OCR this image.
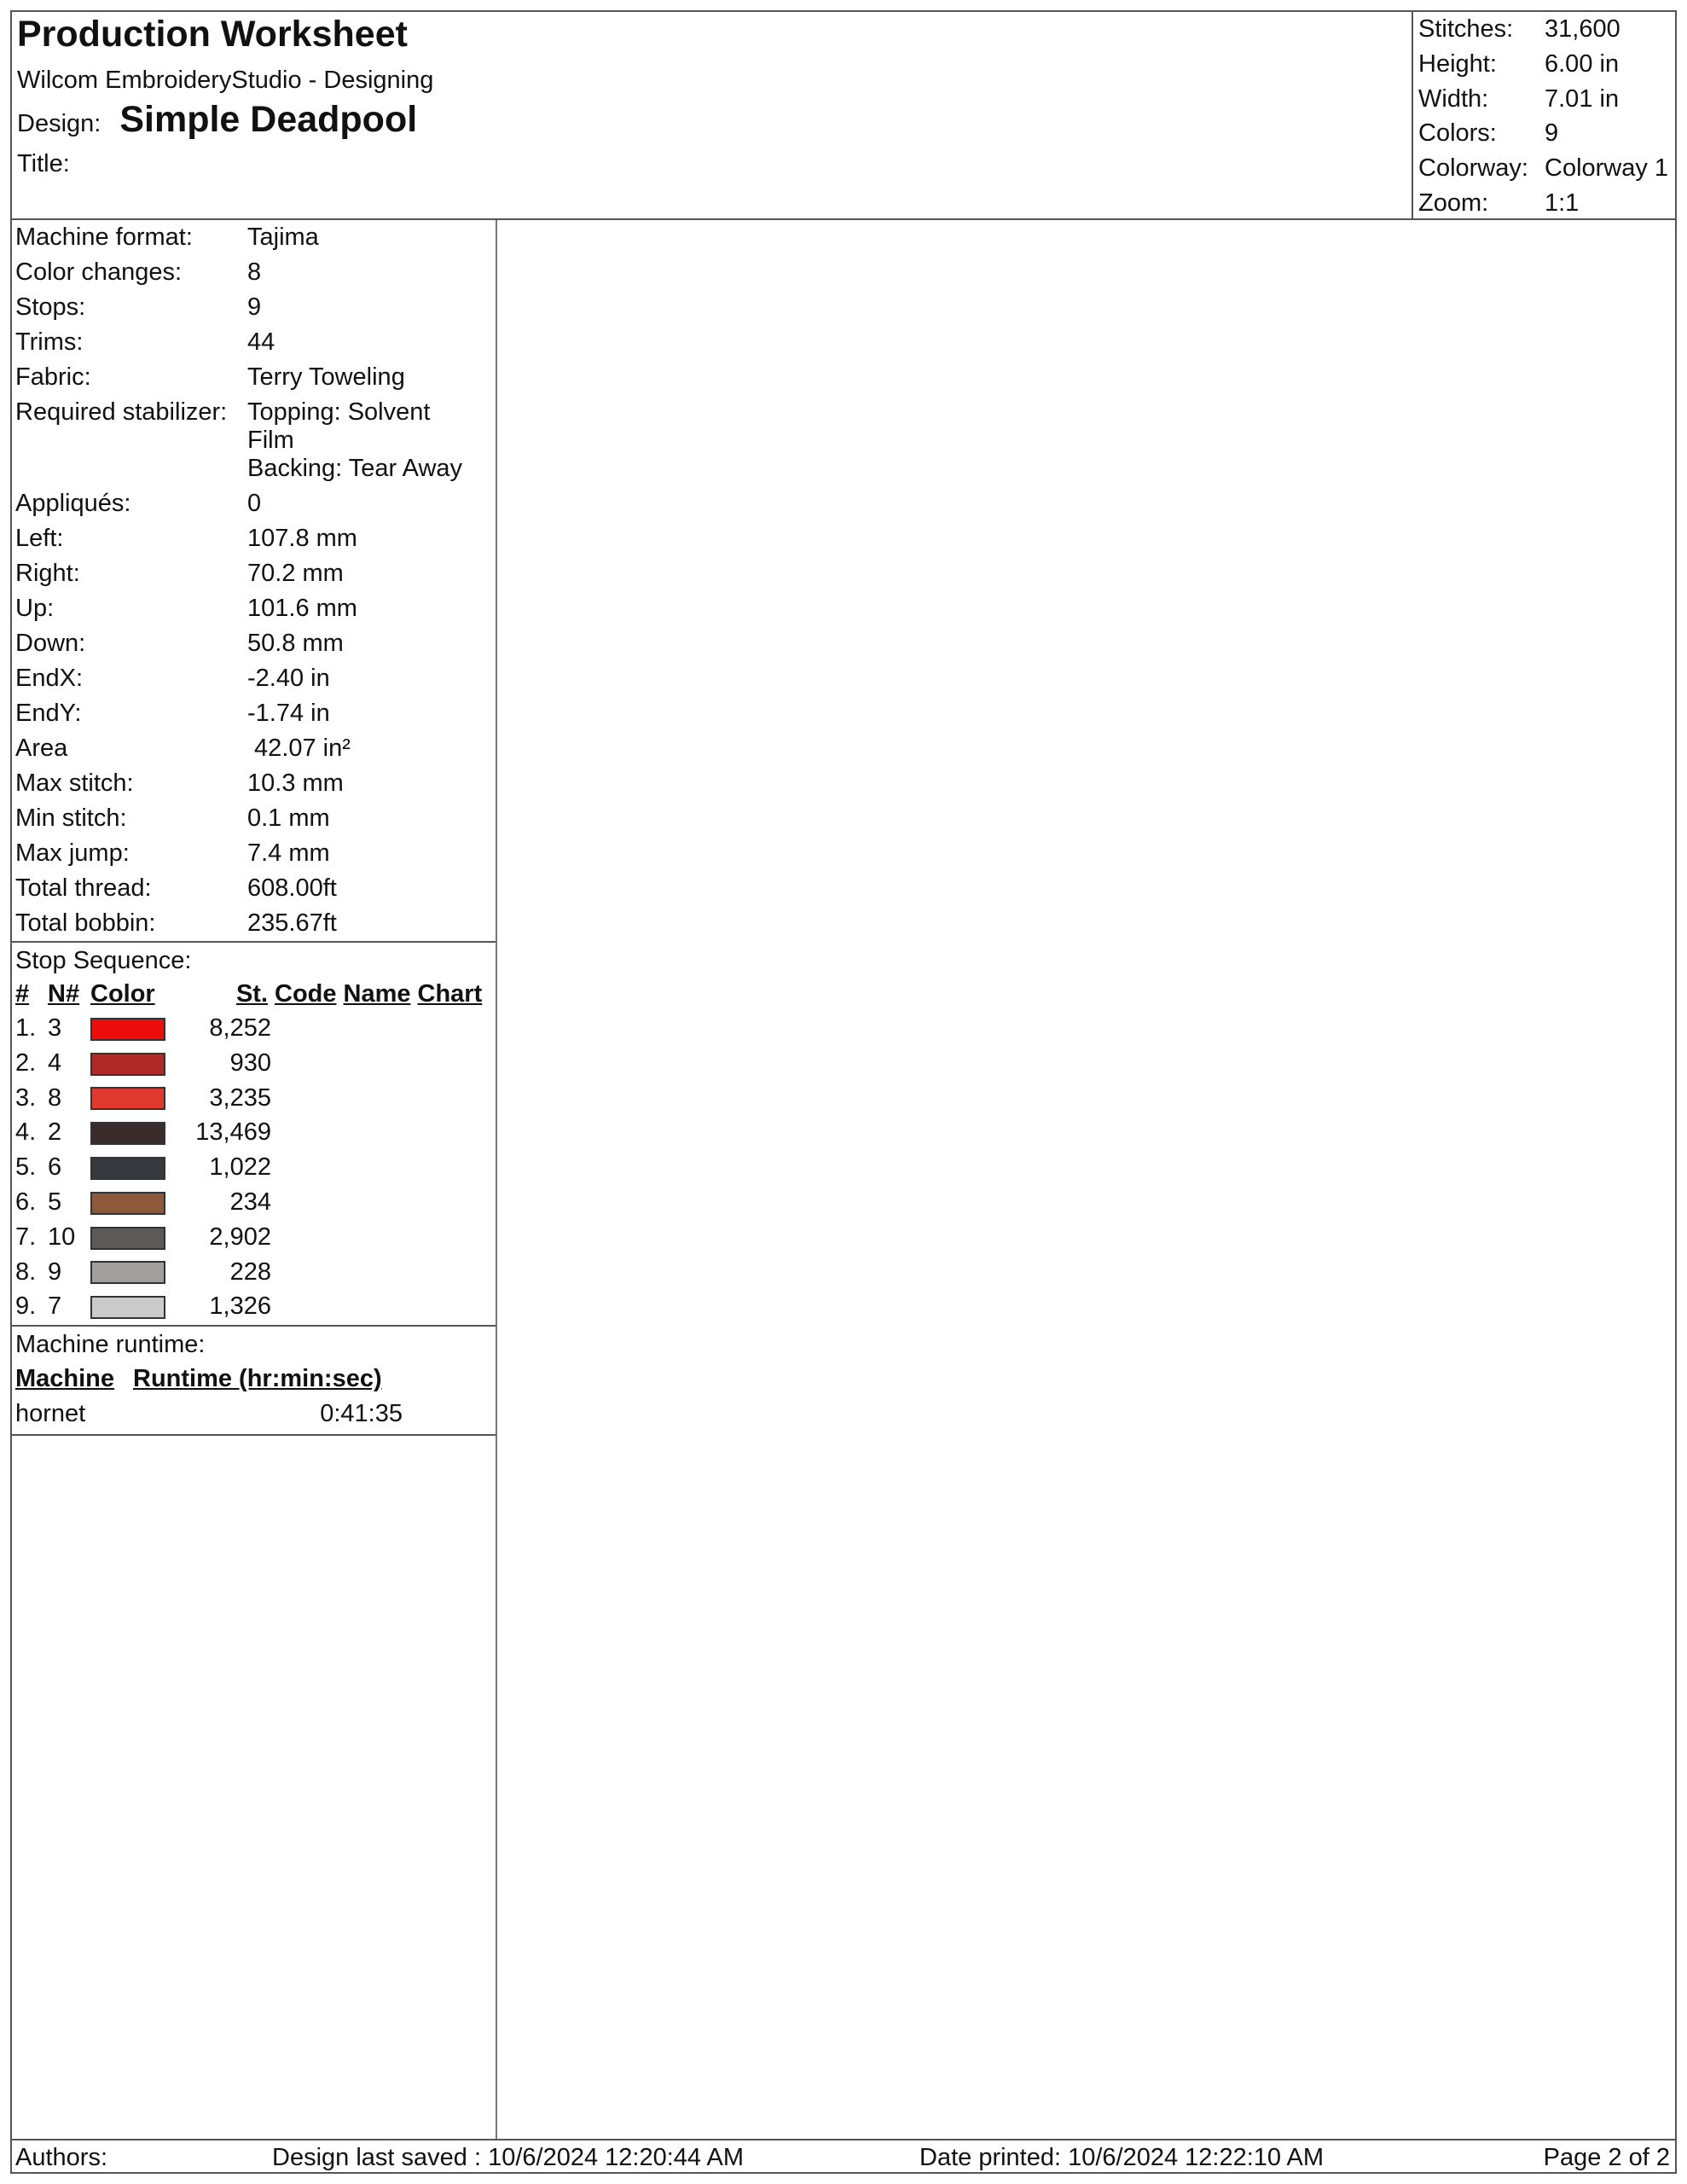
Production Worksheet
Wilcom EmbroideryStudio - Designing
Design: Simple Deadpool
Title:
Stitches:	31,600
Height:	6.00 in
Width:	7.01 in
Colors:	9
Colorway: Colorway 1
Zoom:	1:1
Machine format:	Tajima
Color changes:	8
Stops:	9
Trims:	44
Fabric:	Terry Toweling
Required stabilizer: Topping: Solvent
Film
Backing: Tear Away
Appliqués:	0
Left:	107.8 mm
Right:	70.2 mm
Up:	101.6 mm
Down:	50.8 mm
EndX:	-2.40 in
EndY:	-1.74 in
Area	42.07 in²
Max stitch:	10.3 mm
Min stitch:	0.1 mm
Max jump:	7.4 mm
Total thread:	608.00ft
Total bobbin:	235.67ft
Stop Sequence:
#	N#	Color	St.	Code	Name	Chart
1.	3		8,252			
2.	4		930			
3.	8		3,235			
4.	2		13,469			
5.	6		1,022			
6.	5		234			
7.	10		2,902			
8.	9		228			
9.	7		1,326			
Machine runtime:
Machine Runtime (hr:min:sec)
hornet	0:41:35
Authors:	Design last saved : 10/6/2024 12:20:44 AM	Date printed: 10/6/2024 12:22:10 AM	Page 2 of 2
